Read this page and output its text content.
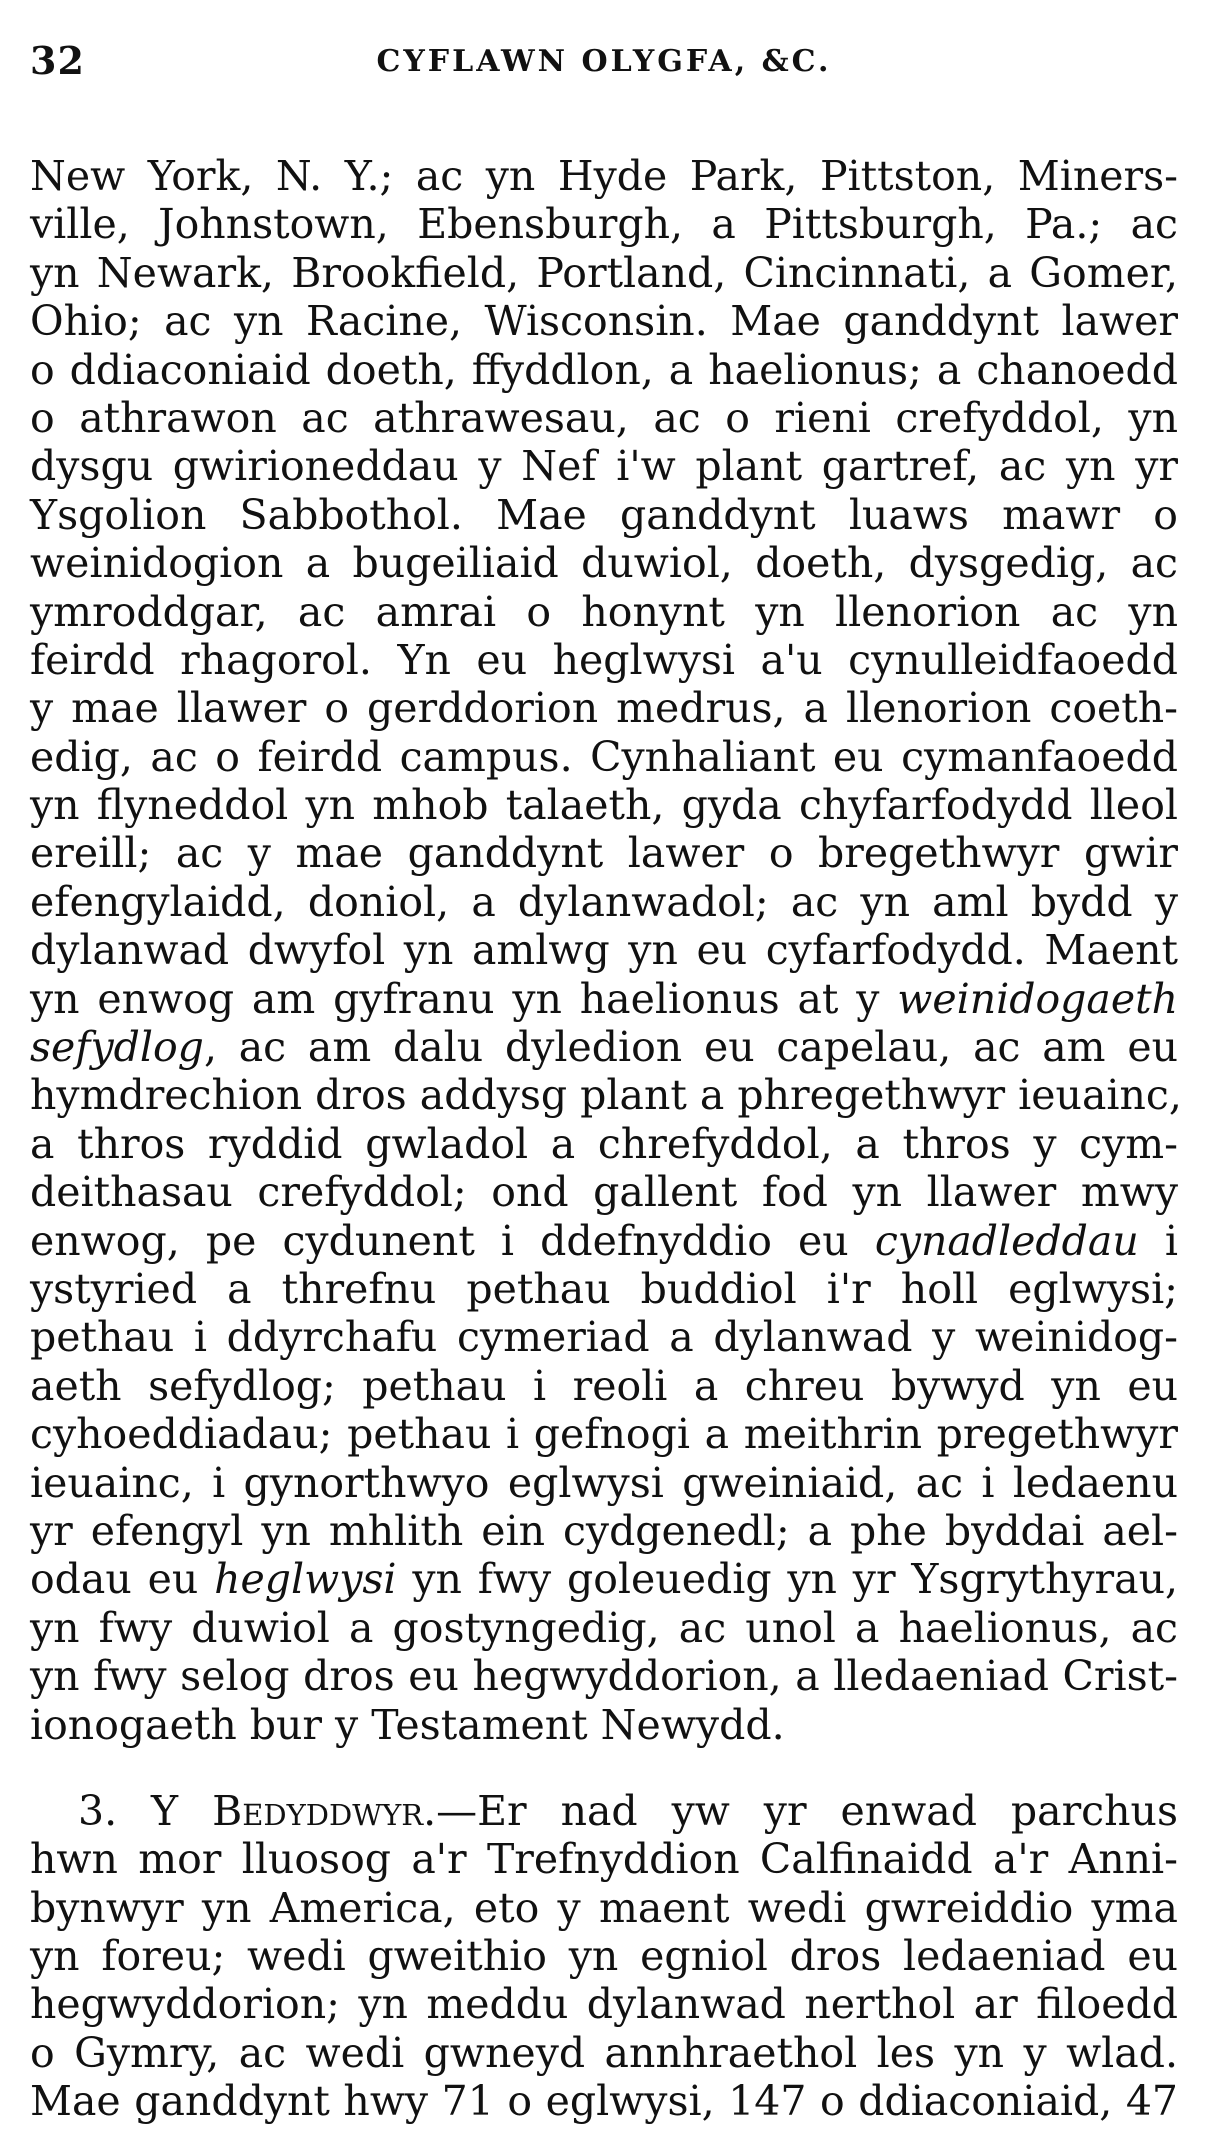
32	CYFLAWN OLYGFA, &C.
New York, N. Y.; ac yn Hyde Park, Pittston, Miners-
ville, Johnstown, Ebensburgh, a Pittsburgh, Pa.; ac
yn Newark, Brookfield, Portland, Cincinnati, a Gomer,
Ohio; ac yn Racine, Wisconsin. Mae ganddynt lawer
o ddiaconiaid doeth, ffyddlon, a haelionus; a chanoedd
o athrawon ac athrawesau, ac o rieni crefyddol, yn
dysgu gwirioneddau y Nef i'w plant gartref, ac yn yr
Ysgolion Sabbothol. Mae ganddynt luaws mawr o
weinidogion a bugeiliaid duwiol, doeth, dysgedig, ac
ymroddgar, ac amrai o honynt yn llenorion ac yn
feirdd rhagorol. Yn eu heglwysi a'u cynulleidfaoedd
y mae llawer o gerddorion medrus, a llenorion coeth-
edig, ac o feirdd campus. Cynhaliant eu cymanfaoedd
yn flyneddol yn mhob talaeth, gyda chyfarfodydd lleol
ereill; ac y mae ganddynt lawer o bregethwyr gwir
efengylaidd, doniol, a dylanwadol; ac yn aml bydd y
dylanwad dwyfol yn amlwg yn eu cyfarfodydd. Maent
yn enwog am gyfranu yn haelionus at y weinidogaeth
sefydlog, ac am dalu dyledion eu capelau, ac am eu
hymdrechion dros addysg plant a phregethwyr ieuainc,
a thros ryddid gwladol a chrefyddol, a thros y cym-
deithasau crefyddol; ond gallent fod yn llawer mwy
enwog, pe cydunent i ddefnyddio eu cynadleddau i
ystyried a threfnu pethau buddiol i'r holl eglwysi;
pethau i ddyrchafu cymeriad a dylanwad y weinidog-
aeth sefydlog; pethau i reoli a chreu bywyd yn eu
cyhoeddiadau; pethau i gefnogi a meithrin pregethwyr
ieuainc, i gynorthwyo eglwysi gweiniaid, ac i ledaenu
yr efengyl yn mhlith ein cydgenedl; a phe byddai ael-
odau eu heglwysi yn fwy goleuedig yn yr Ysgrythyrau,
yn fwy duwiol a gostyngedig, ac unol a haelionus, ac
yn fwy selog dros eu hegwyddorion, a lledaeniad Crist-
ionogaeth bur y Testament Newydd.
3. Y Bedyddwyr.—Er nad yw yr enwad parchus
hwn mor lluosog a'r Trefnyddion Calfinaidd a'r Anni-
bynwyr yn America, eto y maent wedi gwreiddio yma
yn foreu; wedi gweithio yn egniol dros ledaeniad eu
hegwyddorion; yn meddu dylanwad nerthol ar filoedd
o Gymry, ac wedi gwneyd annhraethol les yn y wlad.
Mae ganddynt hwy 71 o eglwysi, 147 o ddiaconiaid, 47
